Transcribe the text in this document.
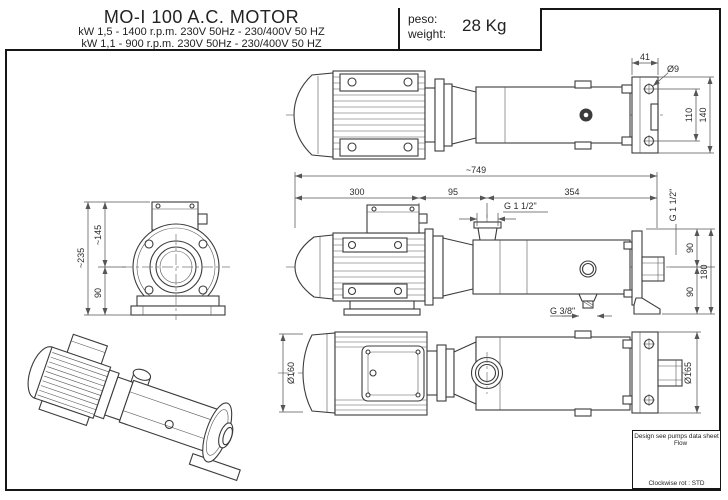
41
Ø9
110 140
~749
300	95	354
G 1 1/2"
G 3/8"
G 1 1/2"
90
90
180
~235
~145
90
Ø160	Ø165
MO-I 100 A.C. MOTOR
kW 1,5 - 1400 r.p.m. 230V 50Hz - 230/400V 50 HZ
kW 1,1 - 900 r.p.m. 230V 50Hz - 230/400V 50 HZ
peso:
weight: 28 Kg
Design see pumps data sheet
Flow
Clockwise rot : STD
